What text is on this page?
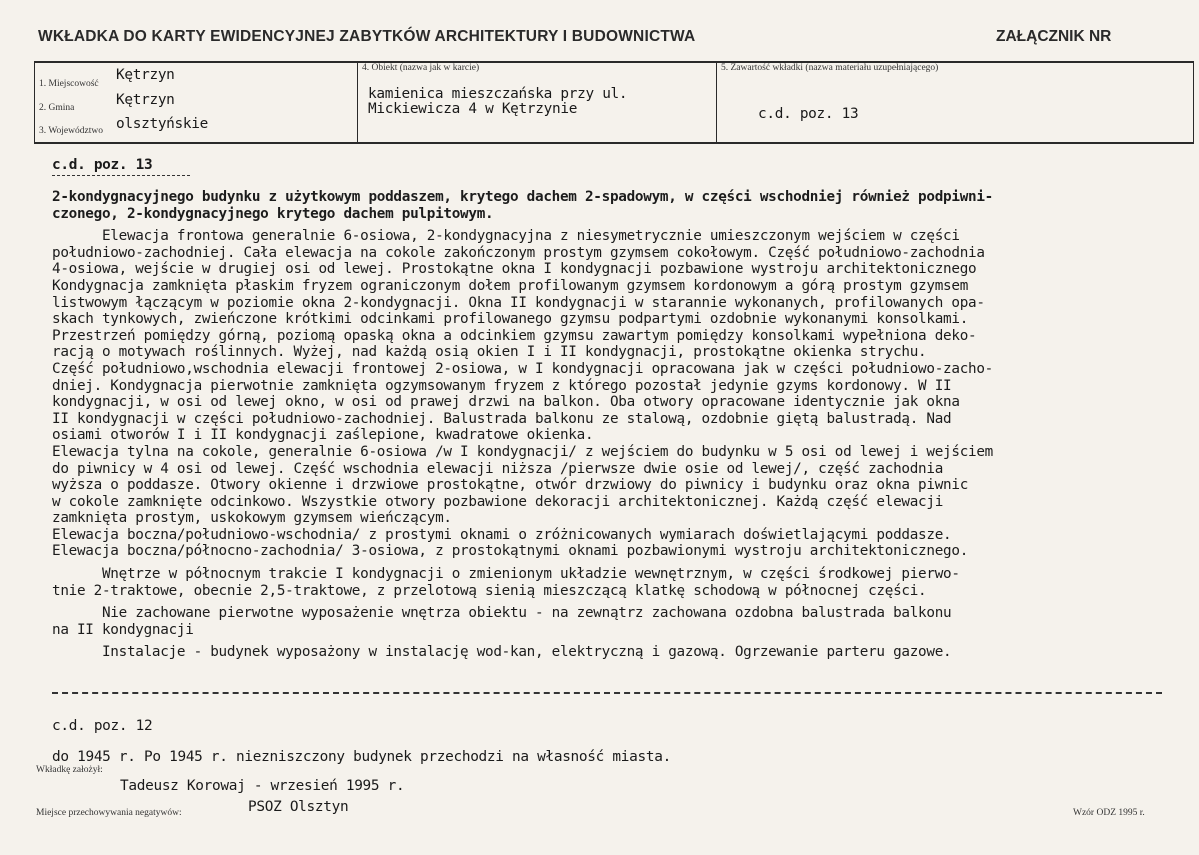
WKŁADKA DO KARTY EWIDENCYJNEJ ZABYTKÓW ARCHITEKTURY I BUDOWNICTWA	ZAŁĄCZNIK NR
1. Miejscowość
Kętrzyn
2. Gmina	Kętrzyn
3. Województwo olsztyńskie
4. Obiekt (nazwa jak w karcie)
kamienica mieszczańska przy ul.
Mickiewicza 4 w Kętrzynie
5. Zawartość wkładki (nazwa materiału uzupełniającego)
c.d. poz. 13
c.d. poz. 13
2-kondygnacyjnego budynku z użytkowym poddaszem, krytego dachem 2-spadowym, w części wschodniej również podpiwni-
czonego, 2-kondygnacyjnego krytego dachem pulpitowym.
Elewacja frontowa generalnie 6-osiowa, 2-kondygnacyjna z niesymetrycznie umieszczonym wejściem w części
południowo-zachodniej. Cała elewacja na cokole zakończonym prostym gzymsem cokołowym. Część południowo-zachodnia
4-osiowa, wejście w drugiej osi od lewej. Prostokątne okna I kondygnacji pozbawione wystroju architektonicznego
Kondygnacja zamknięta płaskim fryzem ograniczonym dołem profilowanym gzymsem kordonowym a górą prostym gzymsem
listwowym łączącym w poziomie okna 2-kondygnacji. Okna II kondygnacji w starannie wykonanych, profilowanych opa-
skach tynkowych, zwieńczone krótkimi odcinkami profilowanego gzymsu podpartymi ozdobnie wykonanymi konsolkami.
Przestrzeń pomiędzy górną, poziomą opaską okna a odcinkiem gzymsu zawartym pomiędzy konsolkami wypełniona deko-
racją o motywach roślinnych. Wyżej, nad każdą osią okien I i II kondygnacji, prostokątne okienka strychu.
Część południowo,wschodnia elewacji frontowej 2-osiowa, w I kondygnacji opracowana jak w części południowo-zacho-
dniej. Kondygnacja pierwotnie zamknięta ogzymsowanym fryzem z którego pozostał jedynie gzyms kordonowy. W II
kondygnacji, w osi od lewej okno, w osi od prawej drzwi na balkon. Oba otwory opracowane identycznie jak okna
II kondygnacji w części południowo-zachodniej. Balustrada balkonu ze stalową, ozdobnie giętą balustradą. Nad
osiami otworów I i II kondygnacji zaślepione, kwadratowe okienka.
Elewacja tylna na cokole, generalnie 6-osiowa /w I kondygnacji/ z wejściem do budynku w 5 osi od lewej i wejściem
do piwnicy w 4 osi od lewej. Część wschodnia elewacji niższa /pierwsze dwie osie od lewej/, część zachodnia
wyższa o poddasze. Otwory okienne i drzwiowe prostokątne, otwór drzwiowy do piwnicy i budynku oraz okna piwnic
w cokole zamknięte odcinkowo. Wszystkie otwory pozbawione dekoracji architektonicznej. Każdą część elewacji
zamknięta prostym, uskokowym gzymsem wieńczącym.
Elewacja boczna/południowo-wschodnia/ z prostymi oknami o zróżnicowanych wymiarach doświetlającymi poddasze.
Elewacja boczna/północno-zachodnia/ 3-osiowa, z prostokątnymi oknami pozbawionymi wystroju architektonicznego.
Wnętrze w północnym trakcie I kondygnacji o zmienionym układzie wewnętrznym, w części środkowej pierwo-
tnie 2-traktowe, obecnie 2,5-traktowe, z przelotową sienią mieszczącą klatkę schodową w północnej części.
Nie zachowane pierwotne wyposażenie wnętrza obiektu - na zewnątrz zachowana ozdobna balustrada balkonu
na II kondygnacji
Instalacje - budynek wyposażony w instalację wod-kan, elektryczną i gazową. Ogrzewanie parteru gazowe.
c.d. poz. 12
do 1945 r. Po 1945 r. niezniszczony budynek przechodzi na własność miasta.
Wkładkę założył:
Tadeusz Korowaj - wrzesień 1995 r.
Miejsce przechowywania negatywów:	PSOZ Olsztyn	Wzór ODZ 1995 r.
